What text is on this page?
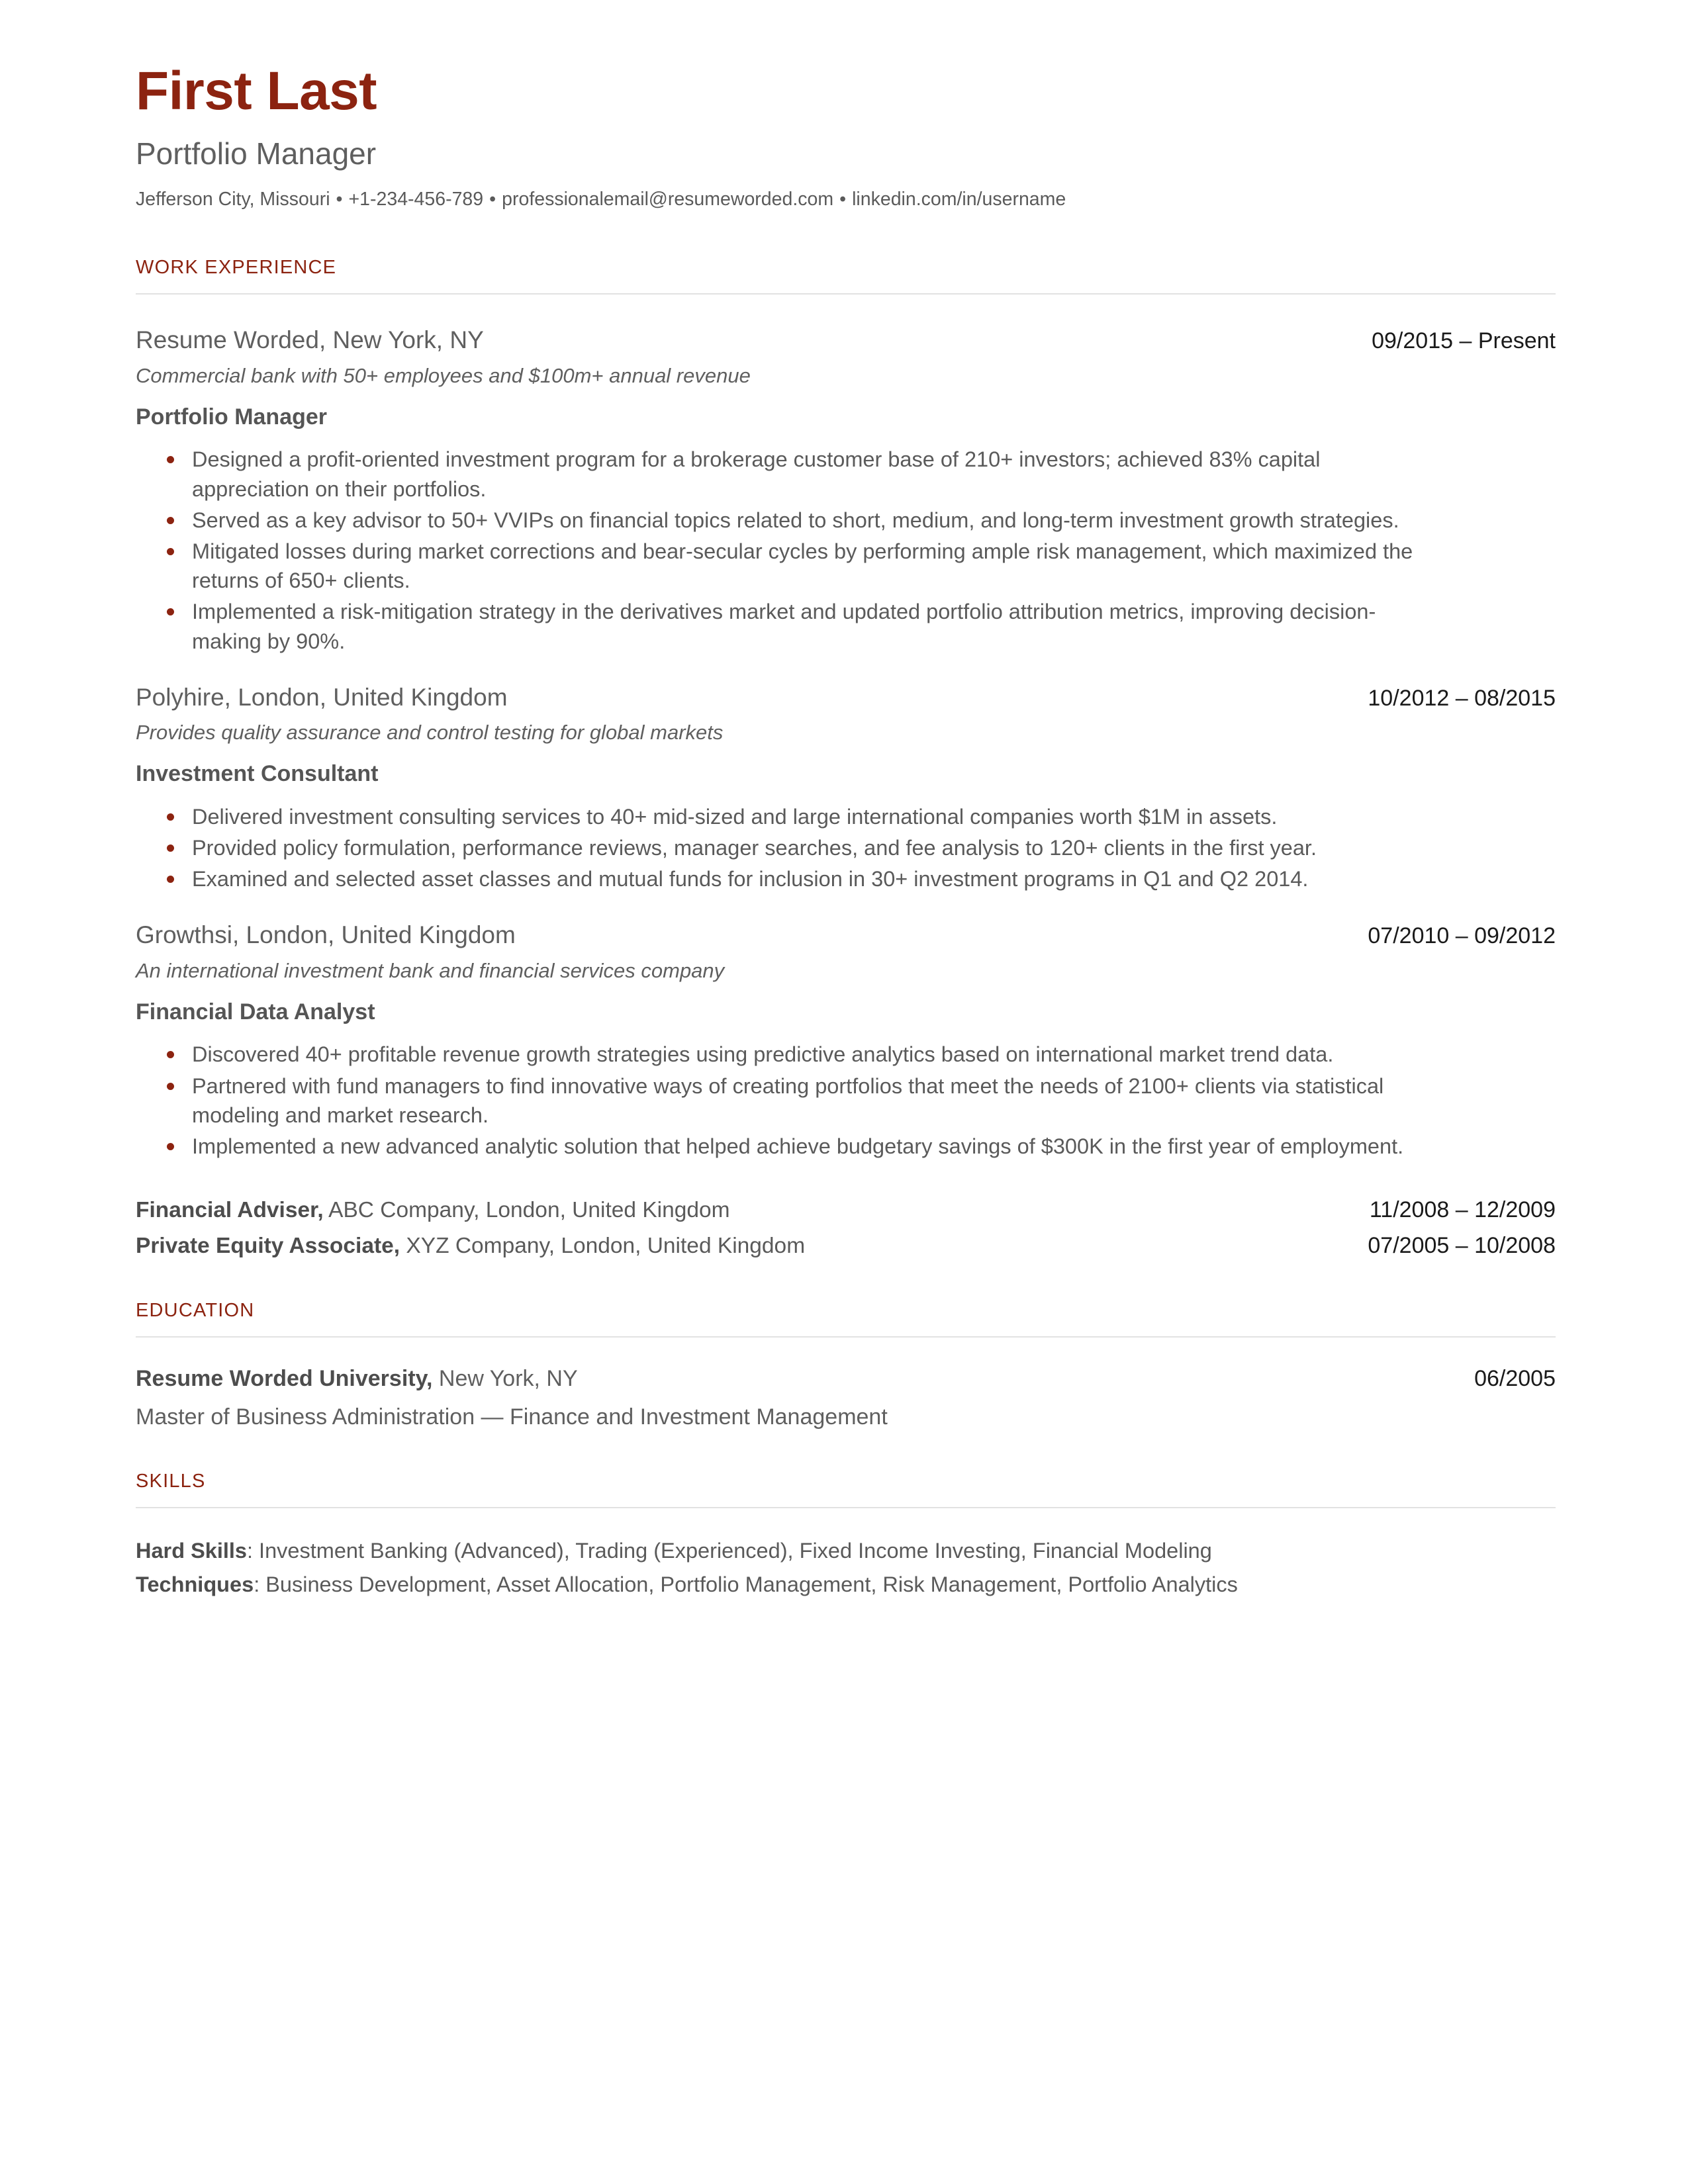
First Last
Portfolio Manager
Jefferson City, Missouri • +1-234-456-789 • professionalemail@resumeworded.com • linkedin.com/in/username
WORK EXPERIENCE
Resume Worded, New York, NY	09/2015 – Present
Commercial bank with 50+ employees and $100m+ annual revenue
Portfolio Manager
Designed a profit-oriented investment program for a brokerage customer base of 210+ investors; achieved 83% capital appreciation on their portfolios.
Served as a key advisor to 50+ VVIPs on financial topics related to short, medium, and long-term investment growth strategies.
Mitigated losses during market corrections and bear-secular cycles by performing ample risk management, which maximized the returns of 650+ clients.
Implemented a risk-mitigation strategy in the derivatives market and updated portfolio attribution metrics, improving decision-making by 90%.
Polyhire, London, United Kingdom	10/2012 – 08/2015
Provides quality assurance and control testing for global markets
Investment Consultant
Delivered investment consulting services to 40+ mid-sized and large international companies worth $1M in assets.
Provided policy formulation, performance reviews, manager searches, and fee analysis to 120+ clients in the first year.
Examined and selected asset classes and mutual funds for inclusion in 30+ investment programs in Q1 and Q2 2014.
Growthsi, London, United Kingdom	07/2010 – 09/2012
An international investment bank and financial services company
Financial Data Analyst
Discovered 40+ profitable revenue growth strategies using predictive analytics based on international market trend data.
Partnered with fund managers to find innovative ways of creating portfolios that meet the needs of 2100+ clients via statistical modeling and market research.
Implemented a new advanced analytic solution that helped achieve budgetary savings of $300K in the first year of employment.
Financial Adviser, ABC Company, London, United Kingdom	11/2008 – 12/2009
Private Equity Associate, XYZ Company, London, United Kingdom	07/2005 – 10/2008
EDUCATION
Resume Worded University, New York, NY	06/2005
Master of Business Administration — Finance and Investment Management
SKILLS
Hard Skills: Investment Banking (Advanced), Trading (Experienced), Fixed Income Investing, Financial Modeling
Techniques: Business Development, Asset Allocation, Portfolio Management, Risk Management, Portfolio Analytics
